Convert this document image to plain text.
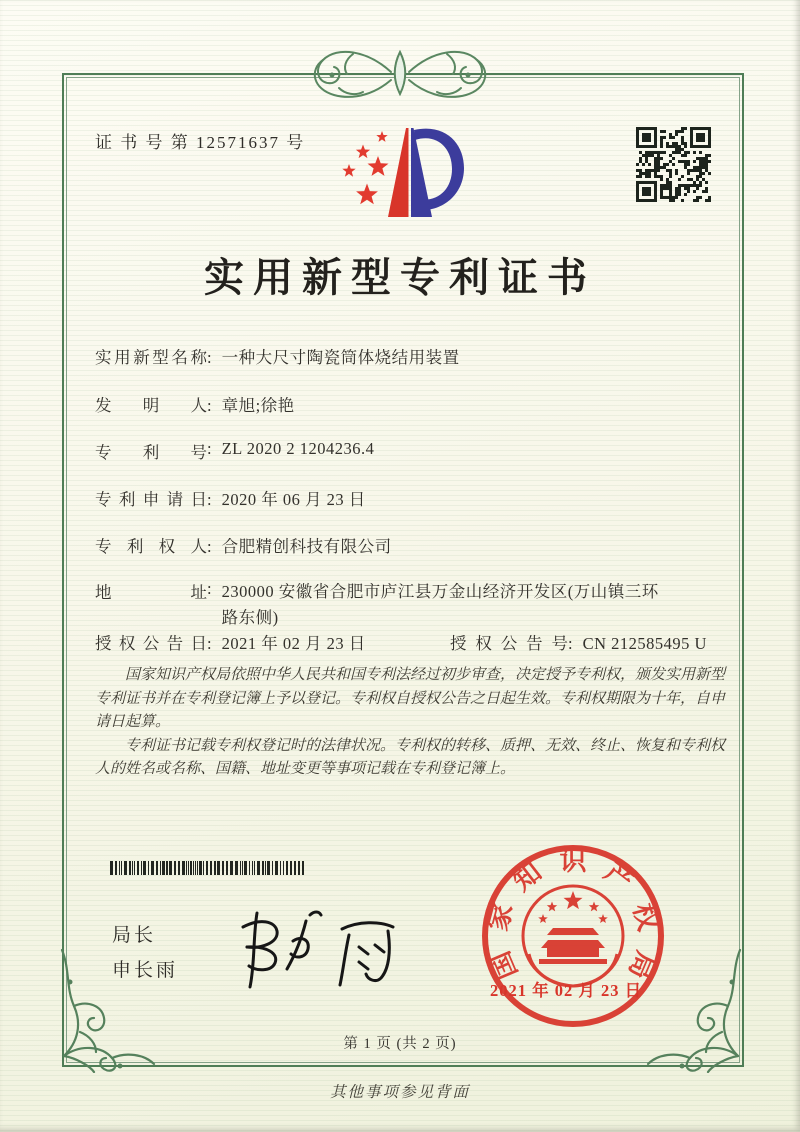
证 书 号 第 12571637 号
实用新型专利证书
实用新型名称: 一种大尺寸陶瓷筒体烧结用装置
发明人: 章旭;徐艳
专利号: ZL 2020 2 1204236.4
专利申请日: 2020 年 06 月 23 日
专利权人: 合肥精创科技有限公司
地址: 230000 安徽省合肥市庐江县万金山经济开发区(万山镇三环路东侧)
授权公告日: 2021 年 02 月 23 日	授权公告号: CN 212585495 U

国家知识产权局依照中华人民共和国专利法经过初步审查，决定授予专利权，颁发实用新型专利证书并在专利登记簿上予以登记。专利权自授权公告之日起生效。专利权期限为十年，自申请日起算。

专利证书记载专利权登记时的法律状况。专利权的转移、质押、无效、终止、恢复和专利权人的姓名或名称、国籍、地址变更等事项记载在专利登记簿上。

局长
申长雨	国
家
知 识 产
权
局
2021 年 02 月 23 日
第 1 页 (共 2 页)
其他事项参见背面
